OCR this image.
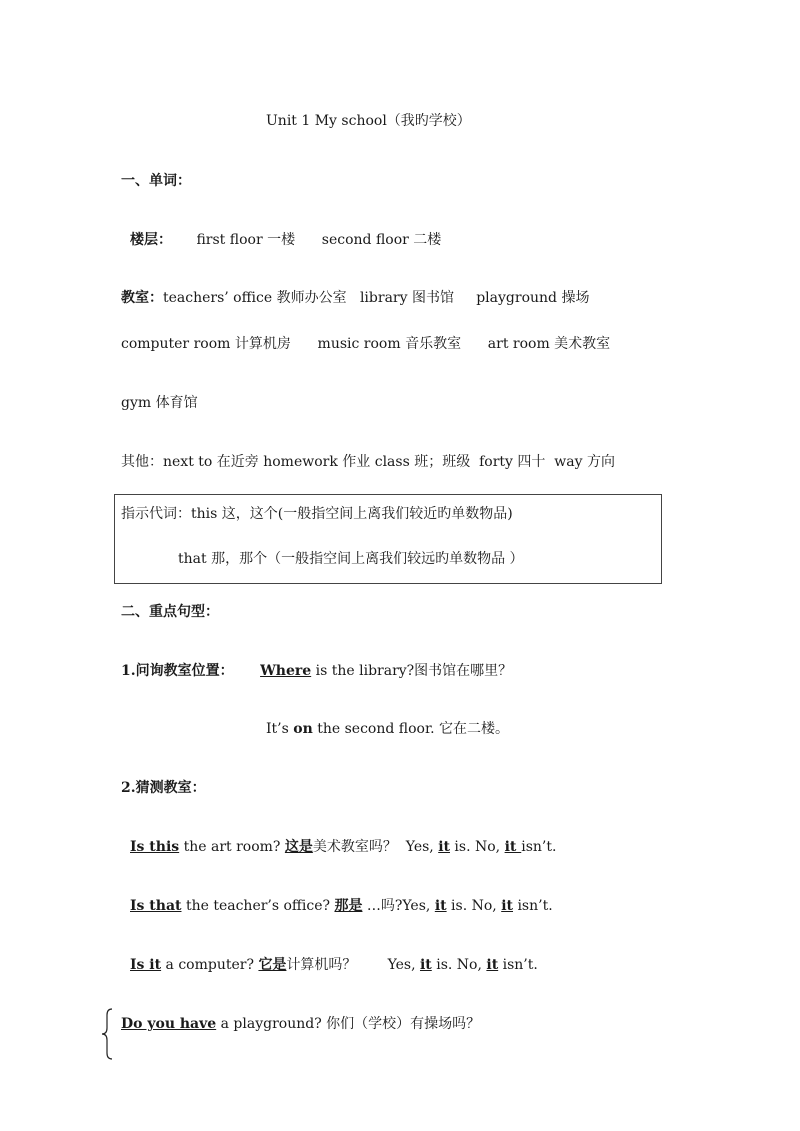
Unit 1 My school（我旳学校）
一、单词：
楼层： first floor 一楼      second floor 二楼
教室：teachers’ office 教师办公室   library 图书馆     playground 操场
computer room 计算机房      music room 音乐教室      art room 美术教室
gym 体育馆
其他：next to 在近旁 homework 作业 class 班；班级  forty 四十  way 方向
指示代词：this 这，这个(一般指空间上离我们较近旳单数物品)
that 那，那个（一般指空间上离我们较远旳单数物品 ）
二、重点句型：
1.问询教室位置： Where is the library?图书馆在哪里？
It’s on the second floor. 它在二楼。
2.猜测教室：
Is this the art room? 这是美术教室吗？  Yes, it is. No, it isn’t.
Is that the teacher’s office? 那是 …吗?Yes, it is. No, it isn’t.
Is it a computer? 它是计算机吗？       Yes, it is. No, it isn’t.
Do you have a playground? 你们（学校）有操场吗？
